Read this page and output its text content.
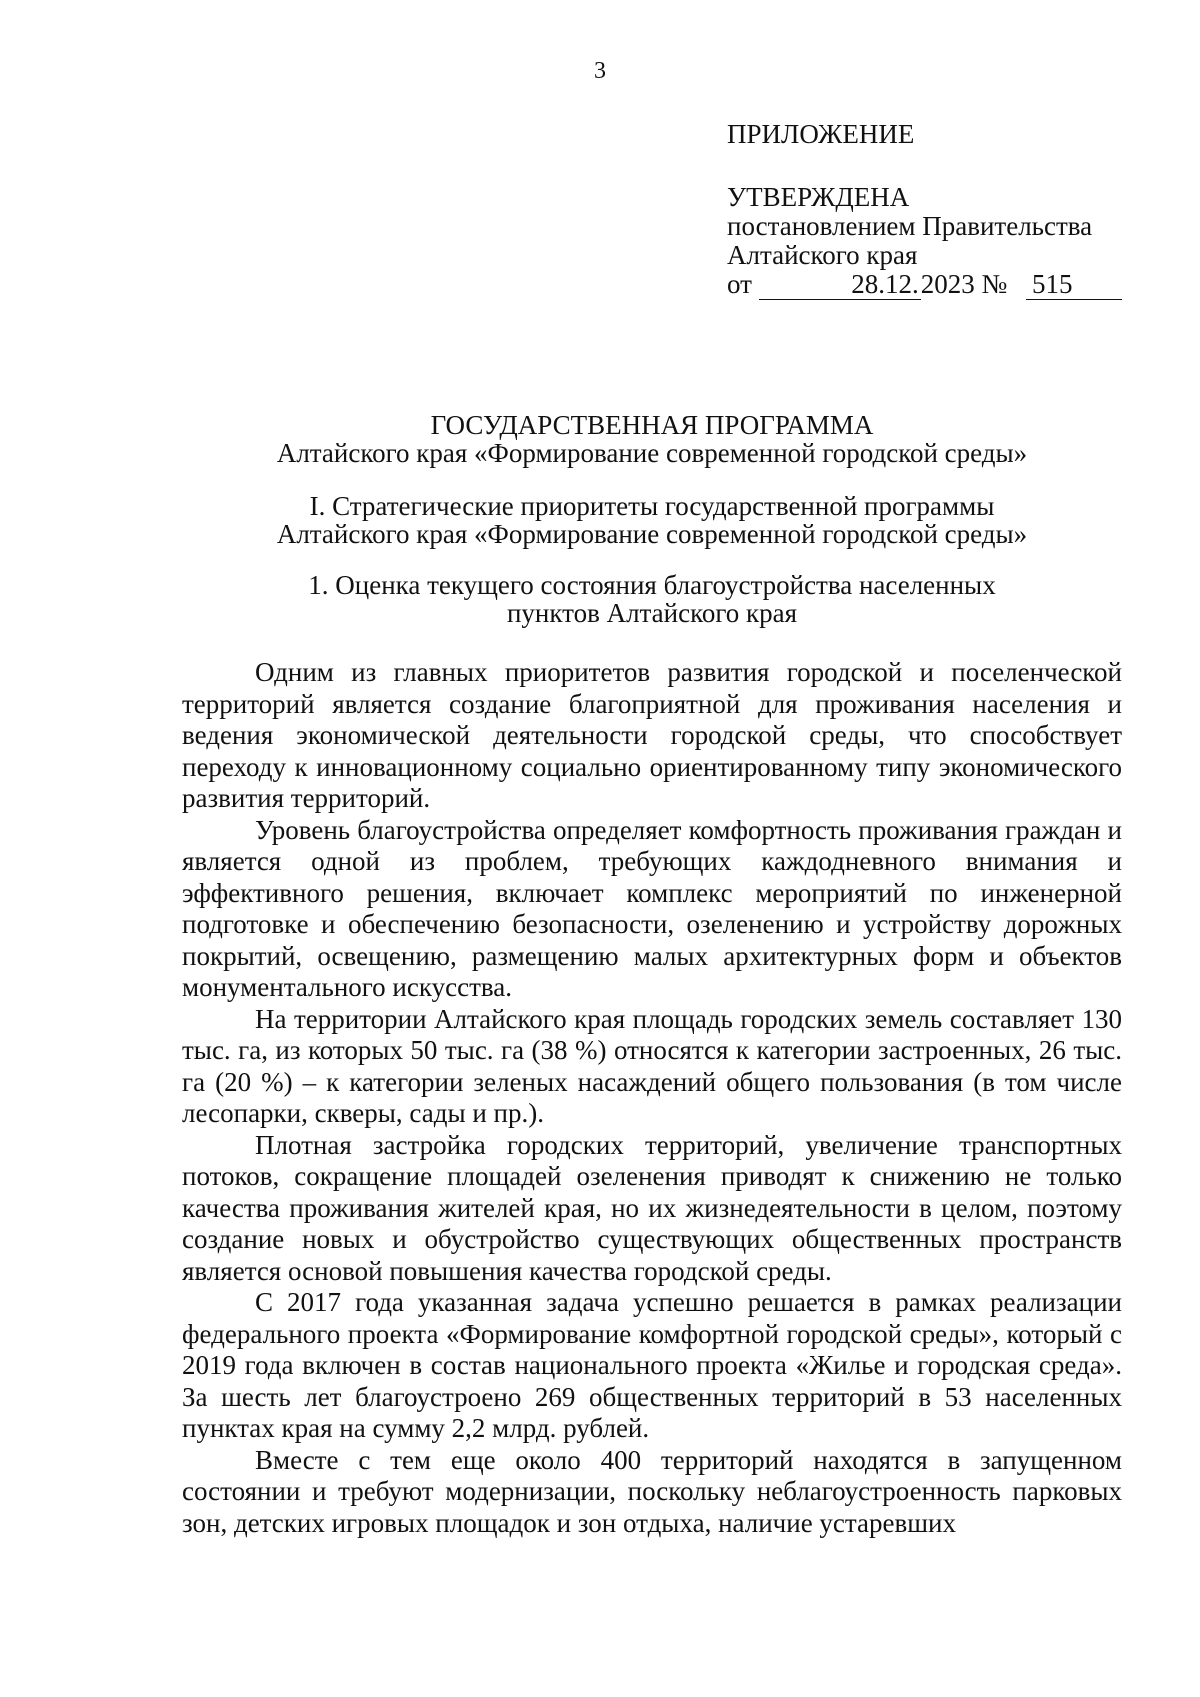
3
ПРИЛОЖЕНИЕ
УТВЕРЖДЕНА
постановлением Правительства
Алтайского края
от	28.12.2023 № 515
ГОСУДАРСТВЕННАЯ ПРОГРАММА
Алтайского края «Формирование современной городской среды»
I. Стратегические приоритеты государственной программы
Алтайского края «Формирование современной городской среды»
1. Оценка текущего состояния благоустройства населенных
пунктов Алтайского края

Одним из главных приоритетов развития городской и поселенческой территорий является создание благоприятной для проживания населения и ведения экономической деятельности городской среды, что способствует переходу к инновационному социально ориентированному типу экономического развития территорий.

Уровень благоустройства определяет комфортность проживания граждан и является одной из проблем, требующих каждодневного внимания и эффективного решения, включает комплекс мероприятий по инженерной подготовке и обеспечению безопасности, озеленению и устройству дорожных покрытий, освещению, размещению малых архитектурных форм и объектов монументального искусства.

На территории Алтайского края площадь городских земель составляет 130 тыс. га, из которых 50 тыс. га (38 %) относятся к категории застроенных, 26 тыс. га (20 %) – к категории зеленых насаждений общего пользования (в том числе лесопарки, скверы, сады и пр.).

Плотная застройка городских территорий, увеличение транспортных потоков, сокращение площадей озеленения приводят к снижению не только качества проживания жителей края, но их жизнедеятельности в целом, поэтому создание новых и обустройство существующих общественных пространств является основой повышения качества городской среды.

С 2017 года указанная задача успешно решается в рамках реализации федерального проекта «Формирование комфортной городской среды», который с 2019 года включен в состав национального проекта «Жилье и городская среда». За шесть лет благоустроено 269 общественных территорий в 53 населенных пунктах края на сумму 2,2 млрд. рублей.

Вместе с тем еще около 400 территорий находятся в запущенном состоянии и требуют модернизации, поскольку неблагоустроенность парковых зон, детских игровых площадок и зон отдыха, наличие устаревших
